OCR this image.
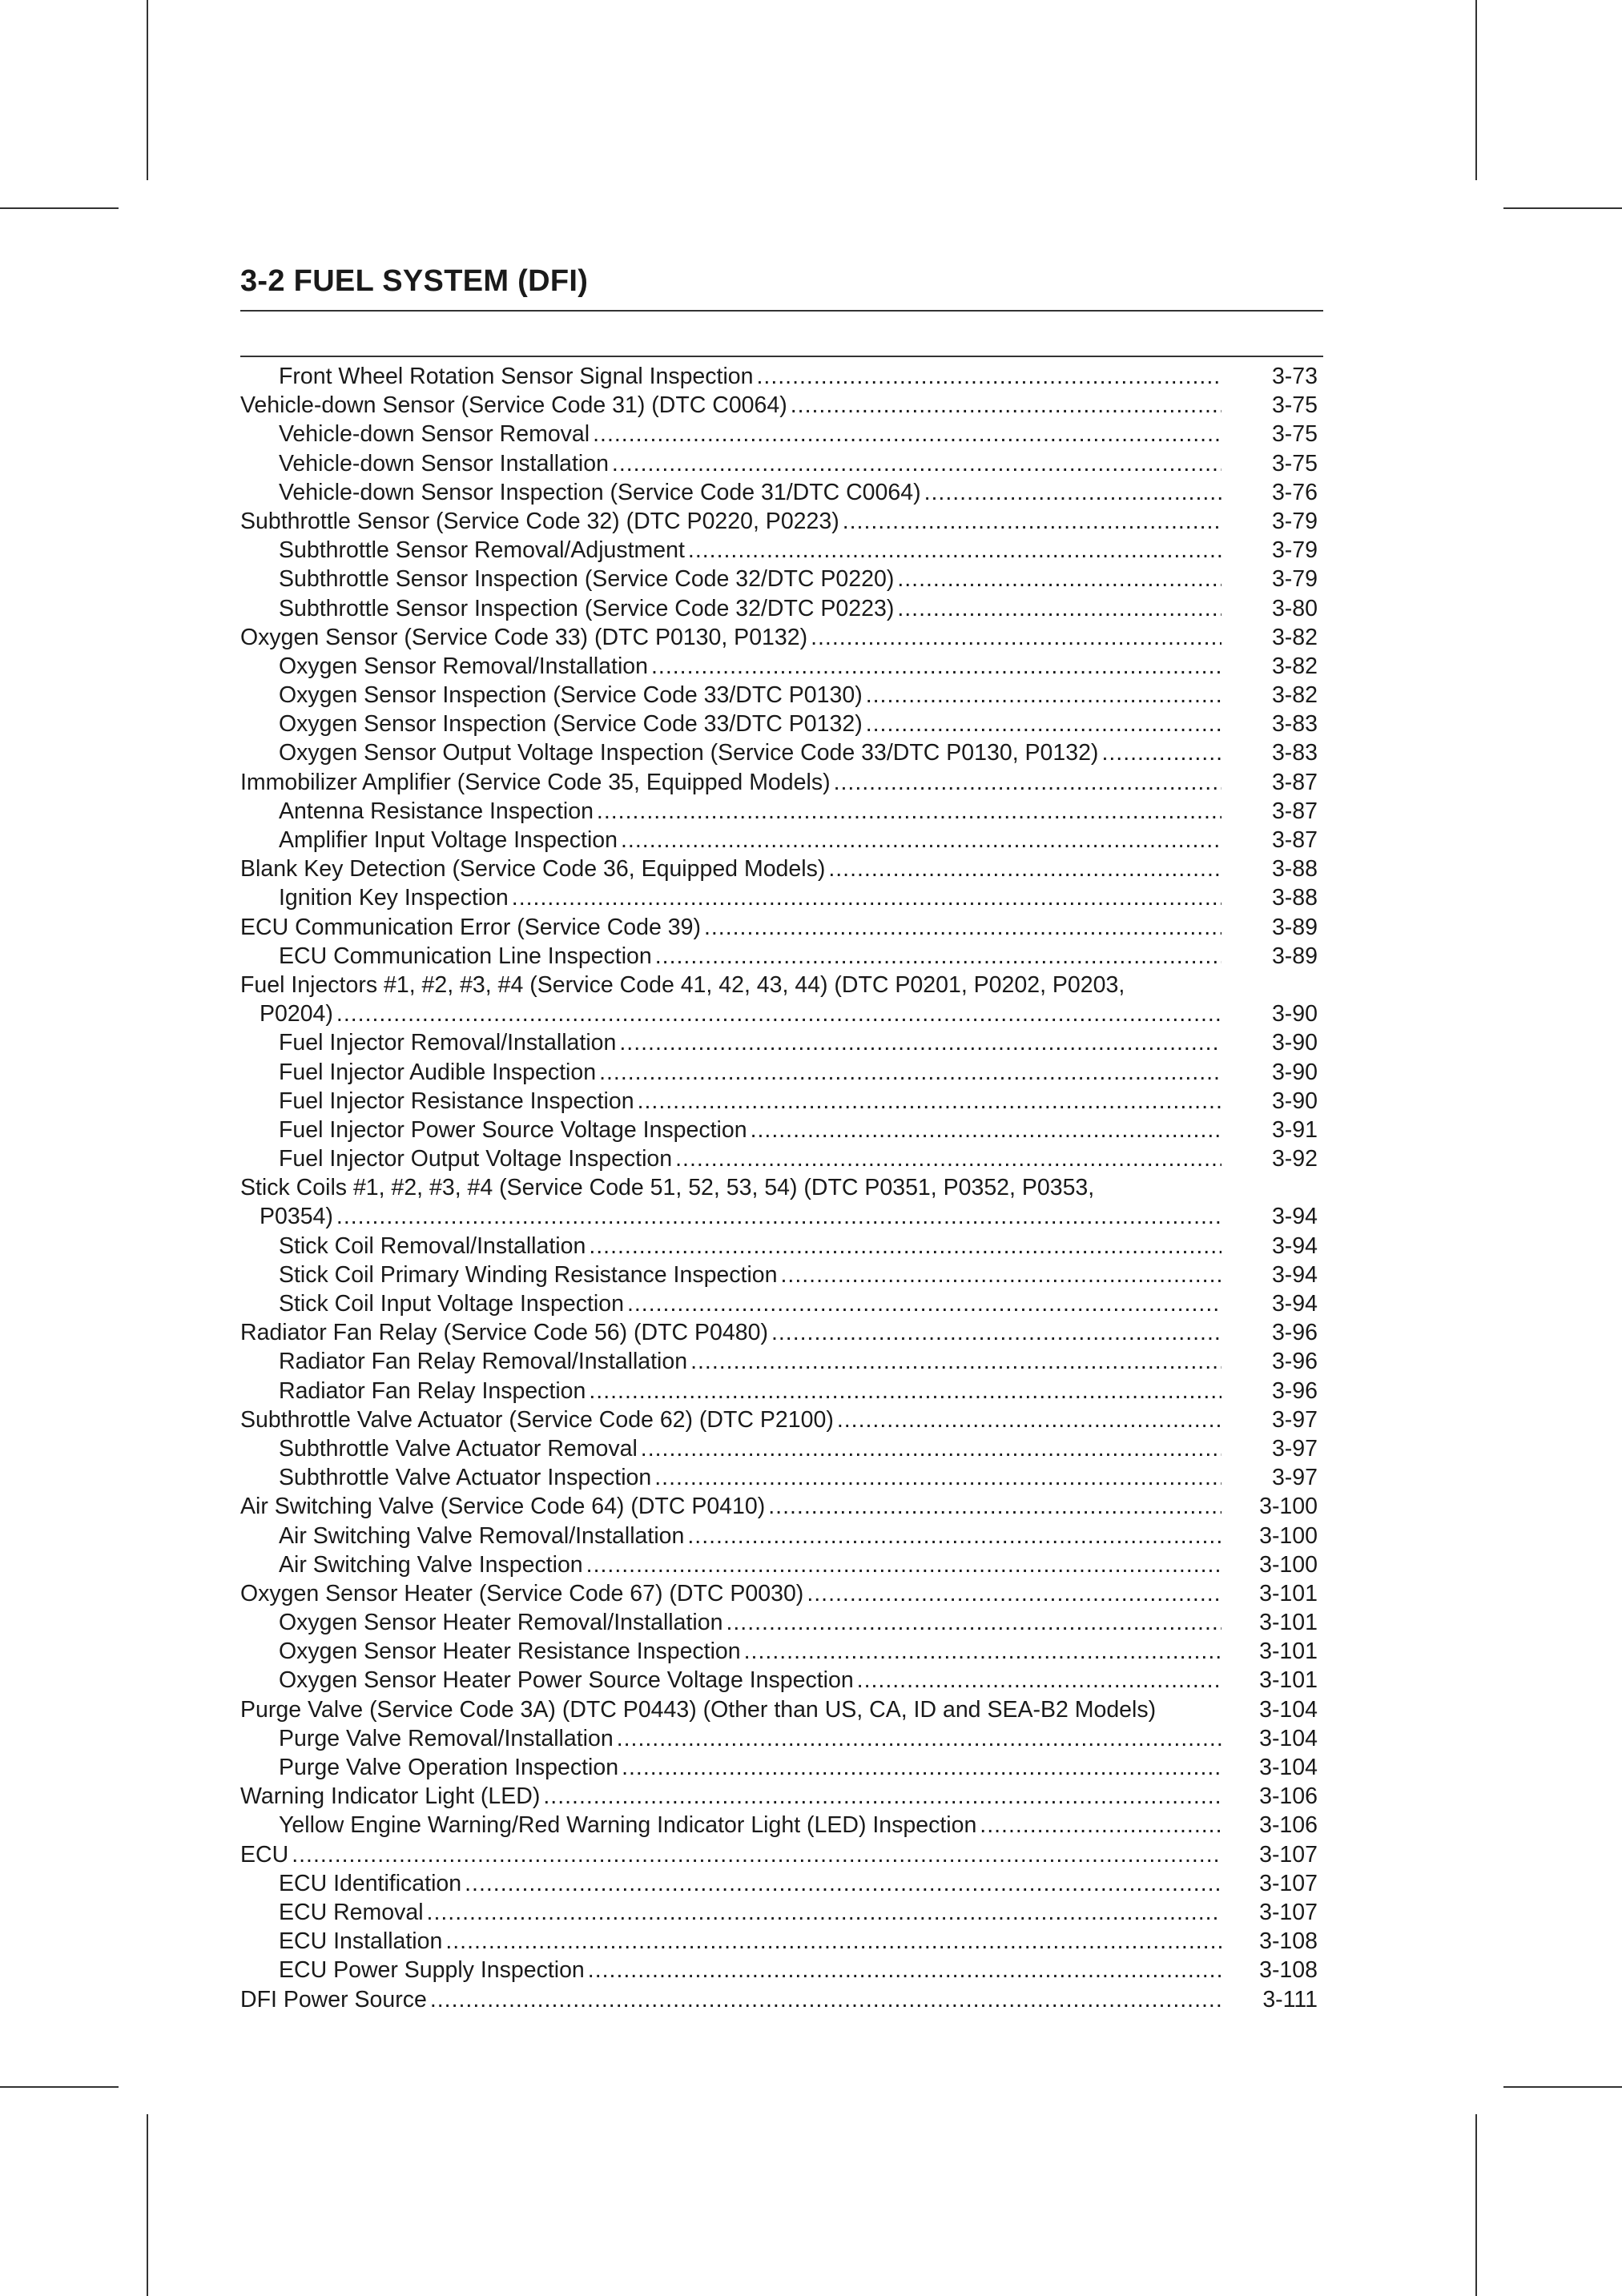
3-2 FUEL SYSTEM (DFI)
Front Wheel Rotation Sensor Signal Inspection .....	3-73
Vehicle-down Sensor (Service Code 31) (DTC C0064) .....	3-75
Vehicle-down Sensor Removal .....	3-75
Vehicle-down Sensor Installation .....	3-75
Vehicle-down Sensor Inspection (Service Code 31/DTC C0064) .....	3-76
Subthrottle Sensor (Service Code 32) (DTC P0220, P0223) .....	3-79
Subthrottle Sensor Removal/Adjustment .....	3-79
Subthrottle Sensor Inspection (Service Code 32/DTC P0220) .....	3-79
Subthrottle Sensor Inspection (Service Code 32/DTC P0223) .....	3-80
Oxygen Sensor (Service Code 33) (DTC P0130, P0132) .....	3-82
Oxygen Sensor Removal/Installation .....	3-82
Oxygen Sensor Inspection (Service Code 33/DTC P0130) .....	3-82
Oxygen Sensor Inspection (Service Code 33/DTC P0132) .....	3-83
Oxygen Sensor Output Voltage Inspection (Service Code 33/DTC P0130, P0132) .....	3-83
Immobilizer Amplifier (Service Code 35, Equipped Models) .....	3-87
Antenna Resistance Inspection .....	3-87
Amplifier Input Voltage Inspection .....	3-87
Blank Key Detection (Service Code 36, Equipped Models) .....	3-88
Ignition Key Inspection .....	3-88
ECU Communication Error (Service Code 39) .....	3-89
ECU Communication Line Inspection .....	3-89
Fuel Injectors #1, #2, #3, #4 (Service Code 41, 42, 43, 44) (DTC P0201, P0202, P0203,
P0204) .....	3-90
Fuel Injector Removal/Installation .....	3-90
Fuel Injector Audible Inspection .....	3-90
Fuel Injector Resistance Inspection .....	3-90
Fuel Injector Power Source Voltage Inspection .....	3-91
Fuel Injector Output Voltage Inspection .....	3-92
Stick Coils #1, #2, #3, #4 (Service Code 51, 52, 53, 54) (DTC P0351, P0352, P0353,
P0354) .....	3-94
Stick Coil Removal/Installation .....	3-94
Stick Coil Primary Winding Resistance Inspection .....	3-94
Stick Coil Input Voltage Inspection .....	3-94
Radiator Fan Relay (Service Code 56) (DTC P0480) .....	3-96
Radiator Fan Relay Removal/Installation .....	3-96
Radiator Fan Relay Inspection .....	3-96
Subthrottle Valve Actuator (Service Code 62) (DTC P2100) .....	3-97
Subthrottle Valve Actuator Removal .....	3-97
Subthrottle Valve Actuator Inspection .....	3-97
Air Switching Valve (Service Code 64) (DTC P0410) .....	3-100
Air Switching Valve Removal/Installation .....	3-100
Air Switching Valve Inspection .....	3-100
Oxygen Sensor Heater (Service Code 67) (DTC P0030) .....	3-101
Oxygen Sensor Heater Removal/Installation .....	3-101
Oxygen Sensor Heater Resistance Inspection .....	3-101
Oxygen Sensor Heater Power Source Voltage Inspection .....	3-101
Purge Valve (Service Code 3A) (DTC P0443) (Other than US, CA, ID and SEA-B2 Models)	3-104
Purge Valve Removal/Installation .....	3-104
Purge Valve Operation Inspection .....	3-104
Warning Indicator Light (LED) .....	3-106
Yellow Engine Warning/Red Warning Indicator Light (LED) Inspection .....	3-106
ECU .....	3-107
ECU Identification .....	3-107
ECU Removal .....	3-107
ECU Installation .....	3-108
ECU Power Supply Inspection .....	3-108
DFI Power Source .....	3-111
